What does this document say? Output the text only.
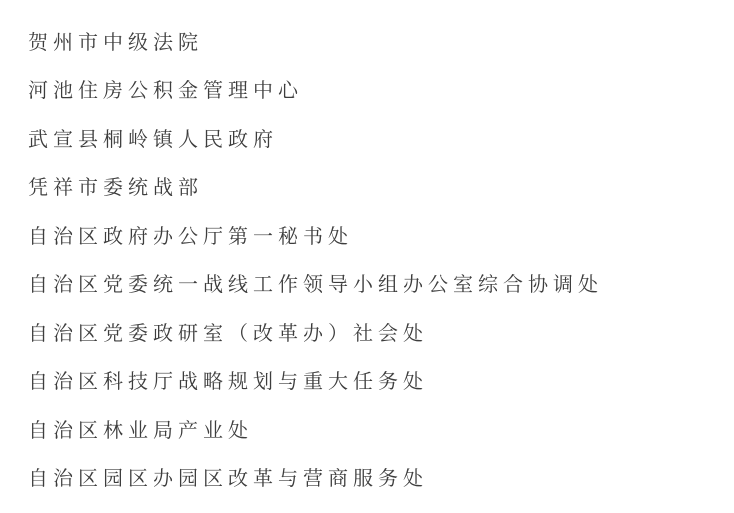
贺州市中级法院
河池住房公积金管理中心
武宣县桐岭镇人民政府
凭祥市委统战部
自治区政府办公厅第一秘书处
自治区党委统一战线工作领导小组办公室综合协调处
自治区党委政研室（改革办）社会处
自治区科技厅战略规划与重大任务处
自治区林业局产业处
自治区园区办园区改革与营商服务处
